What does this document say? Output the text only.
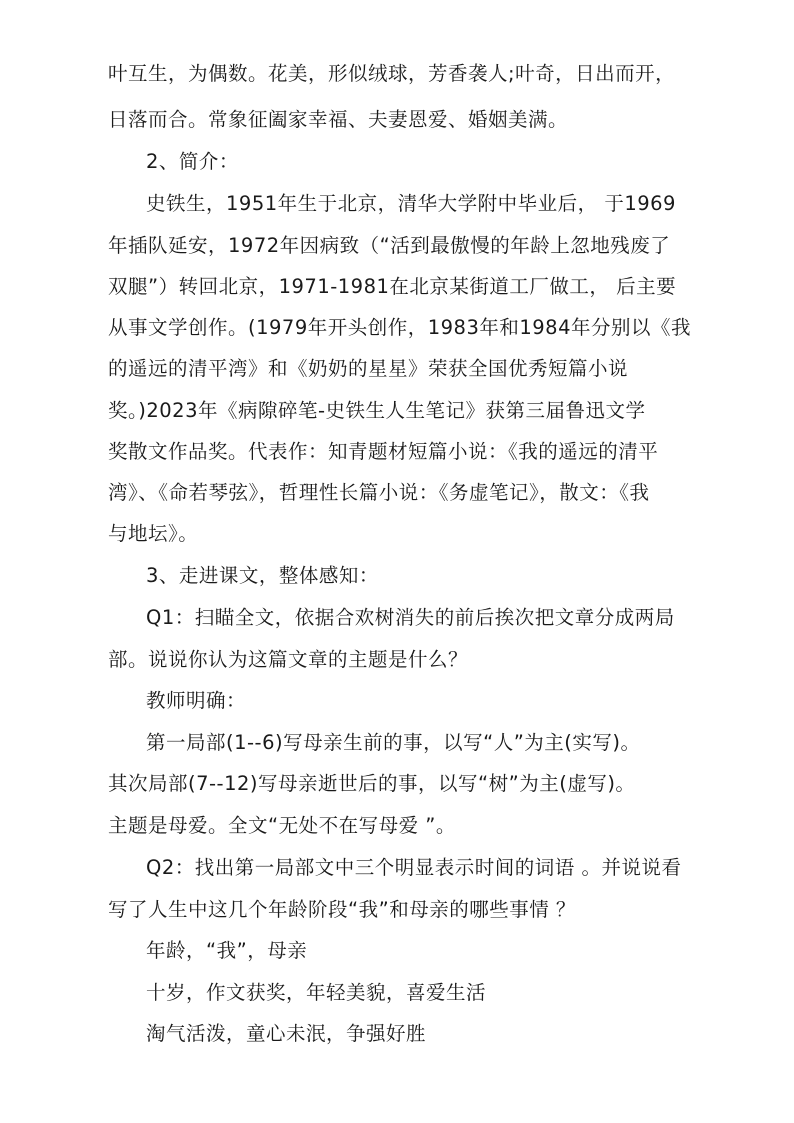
叶互生，为偶数。花美，形似绒球，芳香袭人;叶奇，日出而开，

日落而合。常象征阖家幸福、夫妻恩爱、婚姻美满。

2、简介：

史铁生，1951年生于北京，清华大学附中毕业后， 于1969

年插队延安，1972年因病致（“活到最傲慢的年龄上忽地残废了

双腿”）转回北京，1971-1981在北京某街道工厂做工， 后主要

从事文学创作。(1979年开头创作，1983年和1984年分别以《我

的遥远的清平湾》和《奶奶的星星》荣获全国优秀短篇小说

奖。)2023年《病隙碎笔-史铁生人生笔记》获第三届鲁迅文学

奖散文作品奖。代表作：知青题材短篇小说：《我的遥远的清平

湾》、《命若琴弦》，哲理性长篇小说：《务虚笔记》，散文：《我

与地坛》。

3、走进课文，整体感知：

Q1：扫瞄全文，依据合欢树消失的前后挨次把文章分成两局

部。说说你认为这篇文章的主题是什么？

教师明确：

第一局部(1--6)写母亲生前的事，以写“人”为主(实写)。

其次局部(7--12)写母亲逝世后的事，以写“树”为主(虚写)。

主题是母爱。全文“无处不在写母爱 ”。

Q2：找出第一局部文中三个明显表示时间的词语 。并说说看

写了人生中这几个年龄阶段“我”和母亲的哪些事情 ？

年龄，“我”，母亲

十岁，作文获奖，年轻美貌，喜爱生活

淘气活泼，童心未泯，争强好胜
